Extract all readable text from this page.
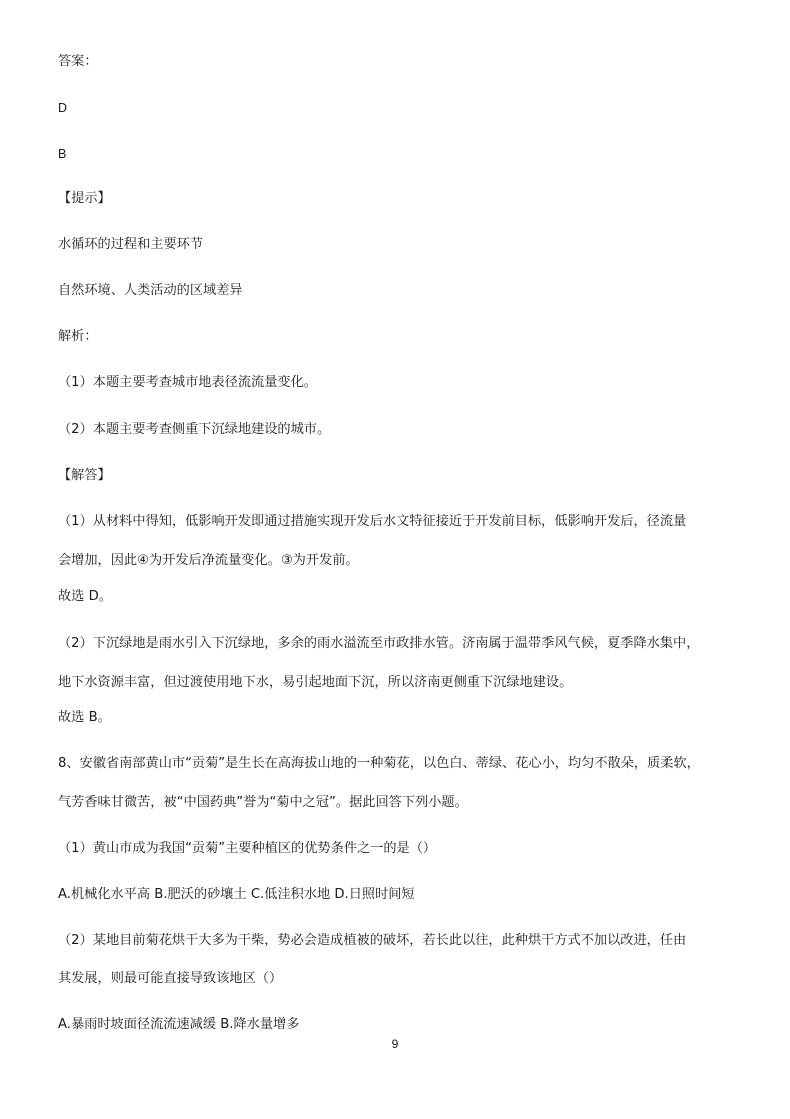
答案：
D
B
【提示】
水循环的过程和主要环节
自然环境、人类活动的区域差异
解析：
（1）本题主要考查城市地表径流流量变化。
（2）本题主要考查侧重下沉绿地建设的城市。
【解答】
（1）从材料中得知，低影响开发即通过措施实现开发后水文特征接近于开发前目标，低影响开发后，径流量
会增加，因此④为开发后净流量变化。③为开发前。
故选 D。
（2）下沉绿地是雨水引入下沉绿地，多余的雨水溢流至市政排水管。济南属于温带季风气候，夏季降水集中，
地下水资源丰富，但过渡使用地下水，易引起地面下沉，所以济南更侧重下沉绿地建设。
故选 B。
8、安徽省南部黄山市“贡菊”是生长在高海拔山地的一种菊花，以色白、蒂绿、花心小，均匀不散朵，质柔软，
气芳香味甘微苦，被“中国药典”誉为“菊中之冠”。据此回答下列小题。
（1）黄山市成为我国“贡菊”主要种植区的优势条件之一的是（）
A.机械化水平高 B.肥沃的砂壤土 C.低洼积水地 D.日照时间短
（2）某地目前菊花烘干大多为干柴，势必会造成植被的破坏，若长此以往，此种烘干方式不加以改进，任由
其发展，则最可能直接导致该地区（）
A.暴雨时坡面径流流速减缓 B.降水量增多
9
